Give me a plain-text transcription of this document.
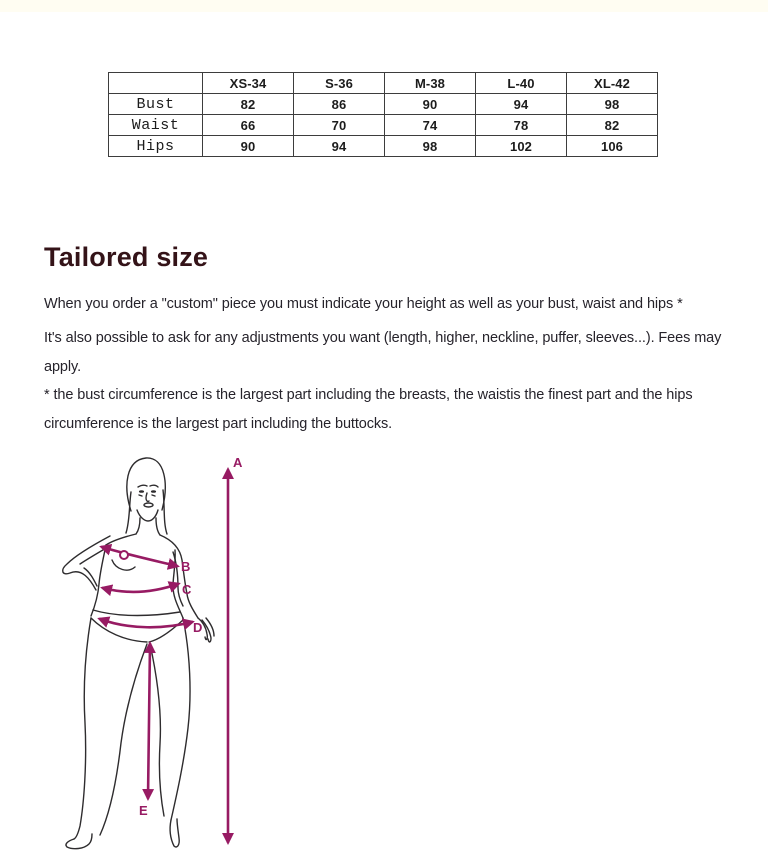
	XS-34	S-36	M-38	L-40	XL-42
Bust	82	86	90	94	98
Waist	66	70	74	78	82
Hips	90	94	98	102	106
Tailored size

When you order a "custom" piece you must indicate your height as well as your bust, waist and hips *

It's also possible to ask for any adjustments you want (length, higher, neckline, puffer, sleeves...). Fees may apply.

* the bust circumference is the largest part including the breasts, the waistis the finest part and the hips circumference is the largest part including the buttocks.

A
B
C
D
E
